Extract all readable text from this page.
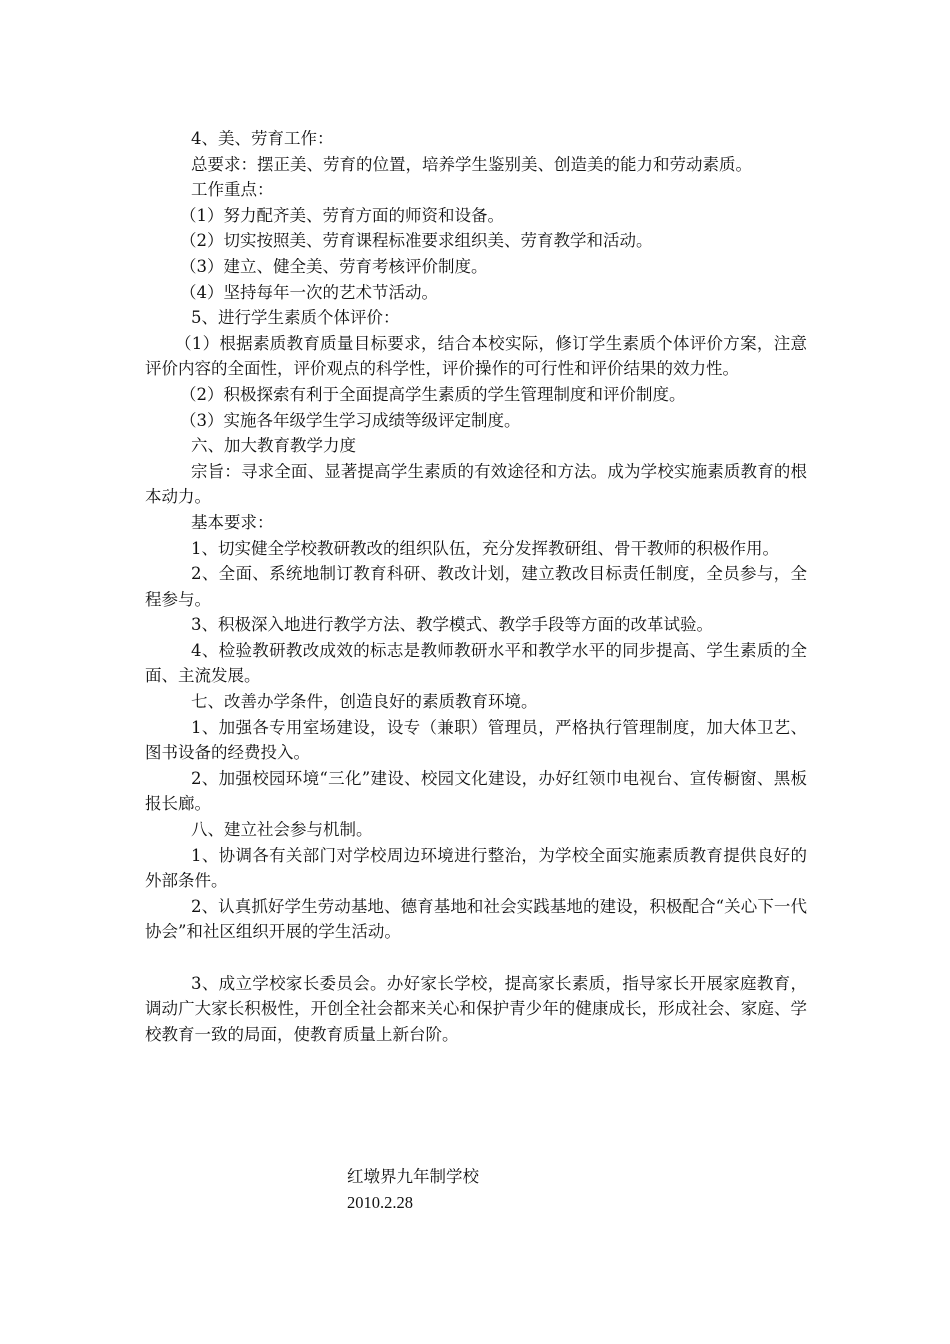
4、美、劳育工作：

总要求：摆正美、劳育的位置，培养学生鉴别美、创造美的能力和劳动素质。

工作重点：

（1）努力配齐美、劳育方面的师资和设备。

（2）切实按照美、劳育课程标准要求组织美、劳育教学和活动。

（3）建立、健全美、劳育考核评价制度。

（4）坚持每年一次的艺术节活动。

5、进行学生素质个体评价：

（1）根据素质教育质量目标要求，结合本校实际，修订学生素质个体评价方案，注意评价内容的全面性，评价观点的科学性，评价操作的可行性和评价结果的效力性。

（2）积极探索有利于全面提高学生素质的学生管理制度和评价制度。

（3）实施各年级学生学习成绩等级评定制度。

六、加大教育教学力度

宗旨：寻求全面、显著提高学生素质的有效途径和方法。成为学校实施素质教育的根本动力。

基本要求：

1、切实健全学校教研教改的组织队伍，充分发挥教研组、骨干教师的积极作用。

2、全面、系统地制订教育科研、教改计划，建立教改目标责任制度，全员参与，全程参与。

3、积极深入地进行教学方法、教学模式、教学手段等方面的改革试验。

4、检验教研教改成效的标志是教师教研水平和教学水平的同步提高、学生素质的全面、主流发展。

七、改善办学条件，创造良好的素质教育环境。

1、加强各专用室场建设，设专（兼职）管理员，严格执行管理制度，加大体卫艺、图书设备的经费投入。

2、加强校园环境“三化”建设、校园文化建设，办好红领巾电视台、宣传橱窗、黑板报长廊。

八、建立社会参与机制。

1、协调各有关部门对学校周边环境进行整治，为学校全面实施素质教育提供良好的外部条件。

2、认真抓好学生劳动基地、德育基地和社会实践基地的建设，积极配合“关心下一代协会”和社区组织开展的学生活动。

3、成立学校家长委员会。办好家长学校，提高家长素质，指导家长开展家庭教育，调动广大家长积极性，开创全社会都来关心和保护青少年的健康成长，形成社会、家庭、学校教育一致的局面，使教育质量上新台阶。

红墩界九年制学校

2010.2.28
